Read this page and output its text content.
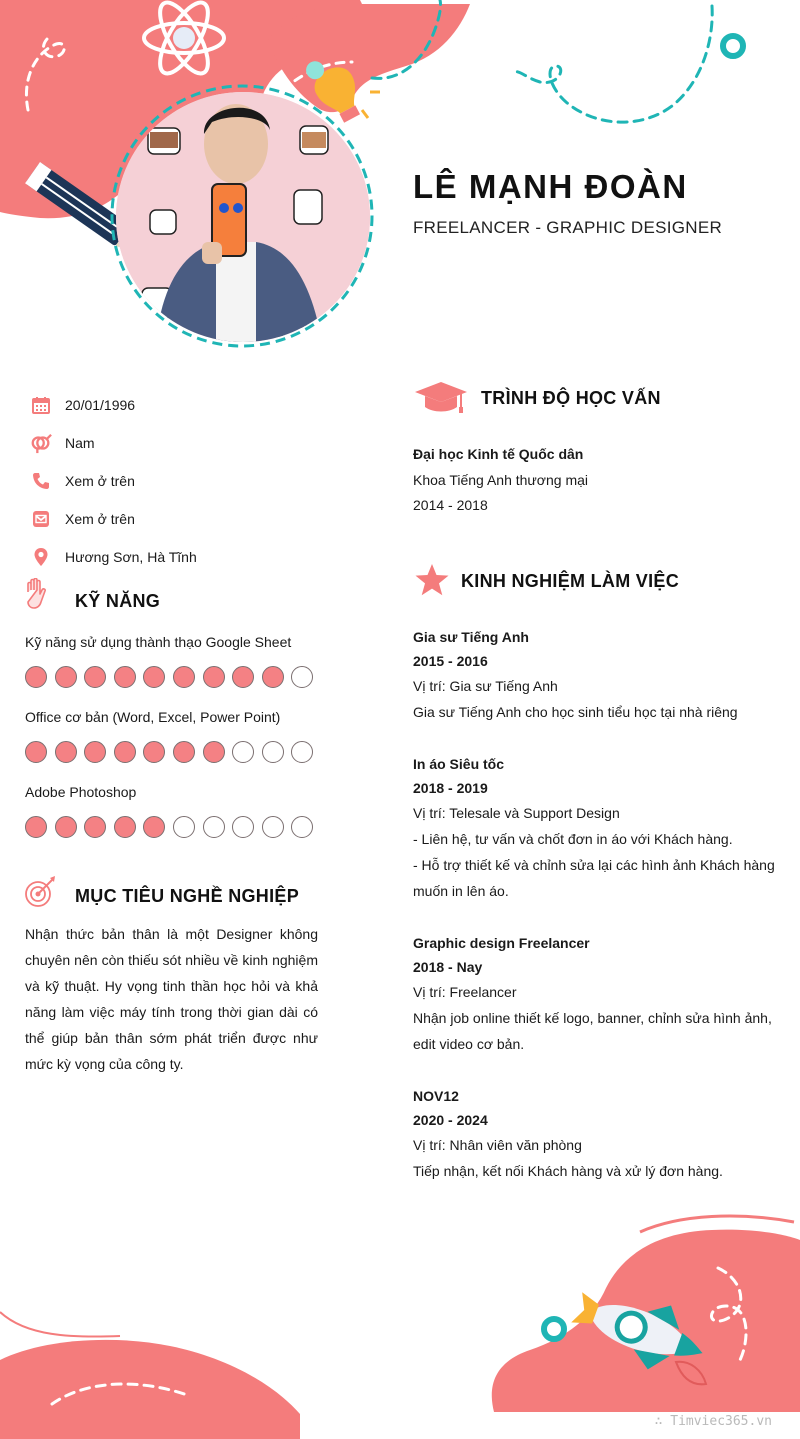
LÊ MẠNH ĐOÀN
FREELANCER - GRAPHIC DESIGNER
20/01/1996
Nam
Xem ở trên
Xem ở trên
Hương Sơn, Hà Tĩnh
KỸ NĂNG
Kỹ năng sử dụng thành thạo Google Sheet
Office cơ bản (Word, Excel, Power Point)
Adobe Photoshop
MỤC TIÊU NGHỀ NGHIỆP
Nhận thức bản thân là một Designer không chuyên nên còn thiếu sót nhiều về kinh nghiệm và kỹ thuật. Hy vọng tinh thần học hỏi và khả năng làm việc máy tính trong thời gian dài có thể giúp bản thân sớm phát triển được như mức kỳ vọng của công ty.
TRÌNH ĐỘ HỌC VẤN
Đại học Kinh tế Quốc dân
Khoa Tiếng Anh thương mại
2014 - 2018
KINH NGHIỆM LÀM VIỆC
Gia sư Tiếng Anh
2015 - 2016
Vị trí: Gia sư Tiếng Anh
Gia sư Tiếng Anh cho học sinh tiểu học tại nhà riêng
In áo Siêu tốc
2018 - 2019
Vị trí: Telesale và Support Design
- Liên hệ, tư vấn và chốt đơn in áo với Khách hàng.
- Hỗ trợ thiết kế và chỉnh sửa lại các hình ảnh Khách hàng muốn in lên áo.
Graphic design Freelancer
2018 - Nay
Vị trí: Freelancer
Nhận job online thiết kế logo, banner, chỉnh sửa hình ảnh, edit video cơ bản.
NOV12
2020 - 2024
Vị trí: Nhân viên văn phòng
Tiếp nhận, kết nối Khách hàng và xử lý đơn hàng.
∴ Timviec365.vn
